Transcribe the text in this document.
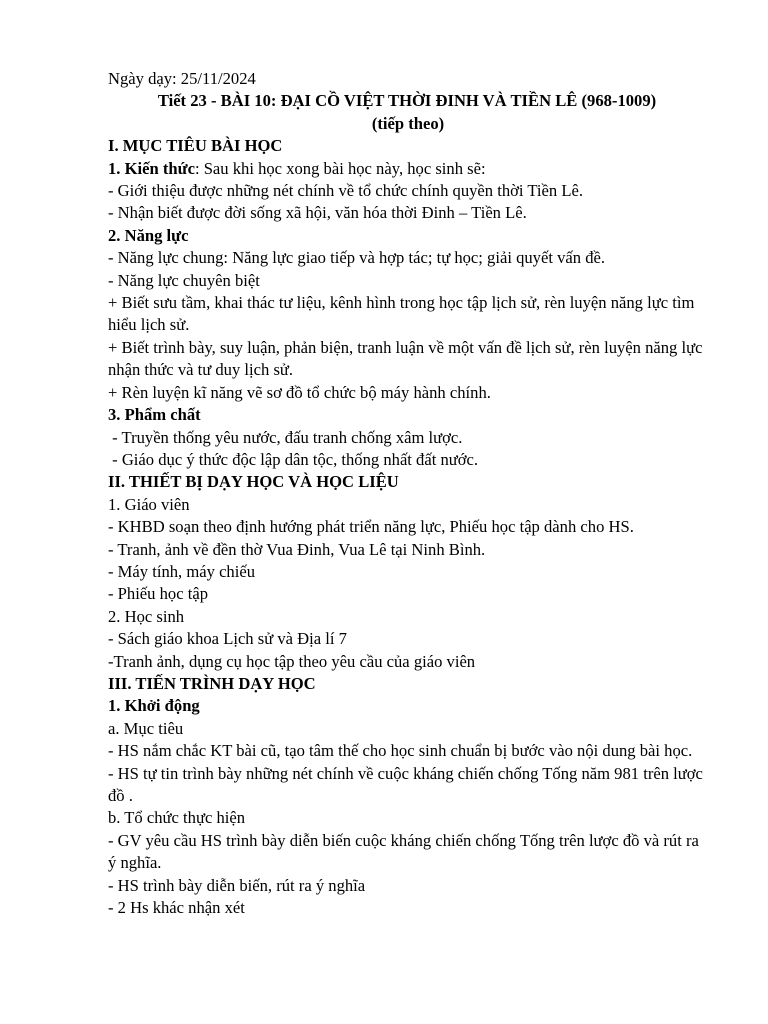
Ngày dạy: 25/11/2024
Tiết 23 - BÀI 10: ĐẠI CỒ VIỆT THỜI ĐINH VÀ TIỀN LÊ (968-1009)
(tiếp theo)
I. MỤC TIÊU BÀI HỌC
1. Kiến thức: Sau khi học xong bài học này, học sinh sẽ:
- Giới thiệu được những nét chính về tổ chức chính quyền thời Tiền Lê.
- Nhận biết được đời sống xã hội, văn hóa thời Đinh – Tiền Lê.
2. Năng lực
- Năng lực chung: Năng lực giao tiếp và hợp tác; tự học; giải quyết vấn đề.
- Năng lực chuyên biệt
+ Biết sưu tầm, khai thác tư liệu, kênh hình trong học tập lịch sử, rèn luyện năng lực tìm hiểu lịch sử.
+ Biết trình bày, suy luận, phản biện, tranh luận về một vấn đề lịch sử, rèn luyện năng lực nhận thức và tư duy lịch sử.
+ Rèn luyện kĩ năng vẽ sơ đồ tổ chức bộ máy hành chính.
3. Phẩm chất
- Truyền thống yêu nước, đấu tranh chống xâm lược.
- Giáo dục ý thức độc lập dân tộc, thống nhất đất nước.
II. THIẾT BỊ DẠY HỌC VÀ HỌC LIỆU
1. Giáo viên
- KHBD soạn theo định hướng phát triển năng lực, Phiếu học tập dành cho HS.
- Tranh, ảnh về đền thờ Vua Đinh, Vua Lê tại Ninh Bình.
- Máy tính, máy chiếu
- Phiếu học tập
2. Học sinh
- Sách giáo khoa Lịch sử và Địa lí 7
-Tranh ảnh, dụng cụ học tập theo yêu cầu của giáo viên
III. TIẾN TRÌNH DẠY HỌC
1. Khởi động
a. Mục tiêu
- HS nắm chắc KT bài cũ, tạo tâm thế cho học sinh chuẩn bị bước vào nội dung bài học.
- HS tự tin trình bày những nét chính về cuộc kháng chiến chống Tống năm 981 trên lược đồ .
b. Tổ chức thực hiện
- GV yêu cầu HS trình bày diễn biến cuộc kháng chiến chống Tống trên lược đồ và rút ra ý nghĩa.
- HS trình bày diễn biến, rút ra ý nghĩa
- 2 Hs khác nhận xét
